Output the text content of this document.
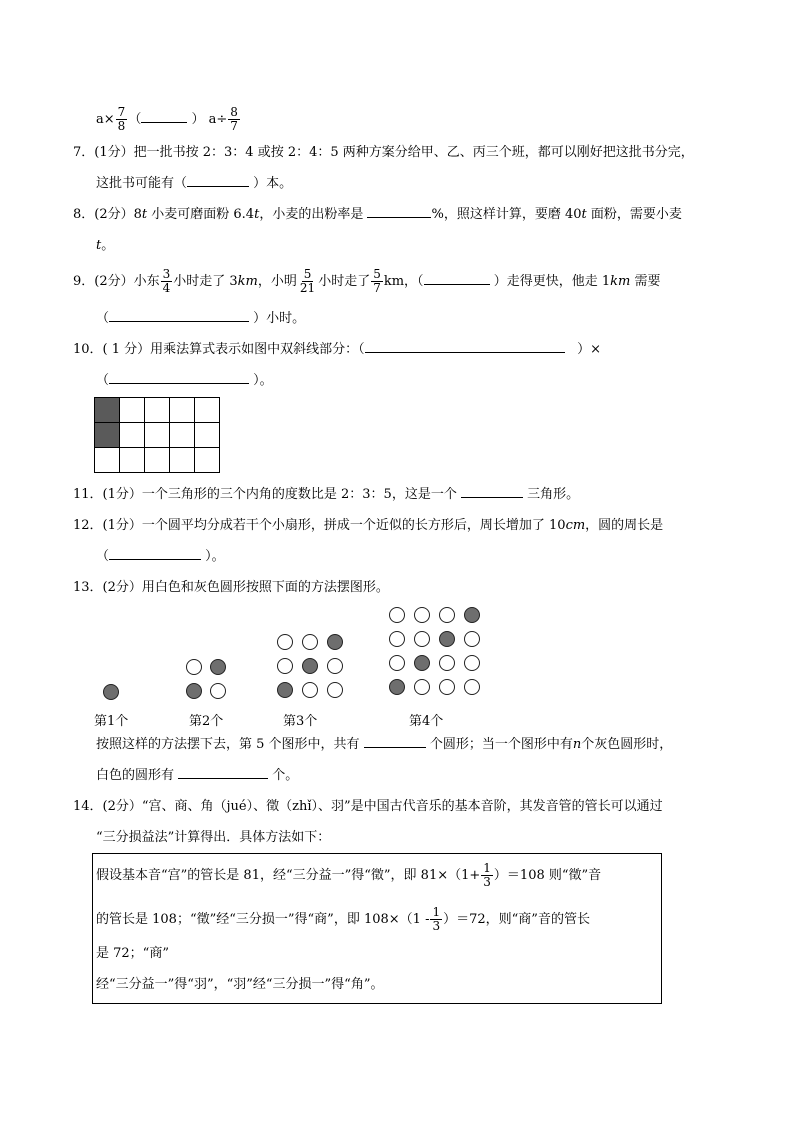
$a\times \frac{7}{8}$ （	） $a\div \frac{8}{7}$
7．(1分）把一批书按 2：3：4 或按 2：4：5 两种方案分给甲、乙、丙三个班，都可以刚好把这批书分完，
这批书可能有（	）本。
8．(2分）8t 小麦可磨面粉 6.4t，小麦的出粉率是	%，照这样计算，要磨 40t 面粉，需要小麦
t。
9．(2分）小东 $\frac{3}{4}$ 小时走了 3km，小明 $\frac{5}{21}$ 小时走了 $\frac{5}{7}$ km，（	）走得更快，他走 1km 需要
（	）小时。
10．( 1 分）用乘法算式表示如图中双斜线部分：（	）×
（	）。

11．(1分）一个三角形的三个内角的度数比是 2：3：5，这是一个	三角形。
12．(1分）一个圆平均分成若干个小扇形，拼成一个近似的长方形后，周长增加了 10cm，圆的周长是
（	）。
13．(2分）用白色和灰色圆形按照下面的方法摆图形。
第1个	第2个	第3个	第4个
按照这样的方法摆下去，第 5 个图形中，共有	个圆形；当一个图形中有n个灰色圆形时，
白色的圆形有	个。
14．(2分）“宫、商、角（jué）、徵（zhǐ）、羽”是中国古代音乐的基本音阶，其发音管的管长可以通过
“三分损益法”计算得出．具体方法如下：
假设基本音“宫”的管长是 81，经“三分益一”得“徵”，即 $81\times(1+ \frac{1}{3} )=108$ 则“徵”音
的管长是 108；“徵”经“三分损一”得“商”，即 $108\times(1 - \frac{1}{3} )=72$，则“商”音的管长
是 72；“商”
经“三分益一”得“羽”，“羽”经“三分损一”得“角”。
